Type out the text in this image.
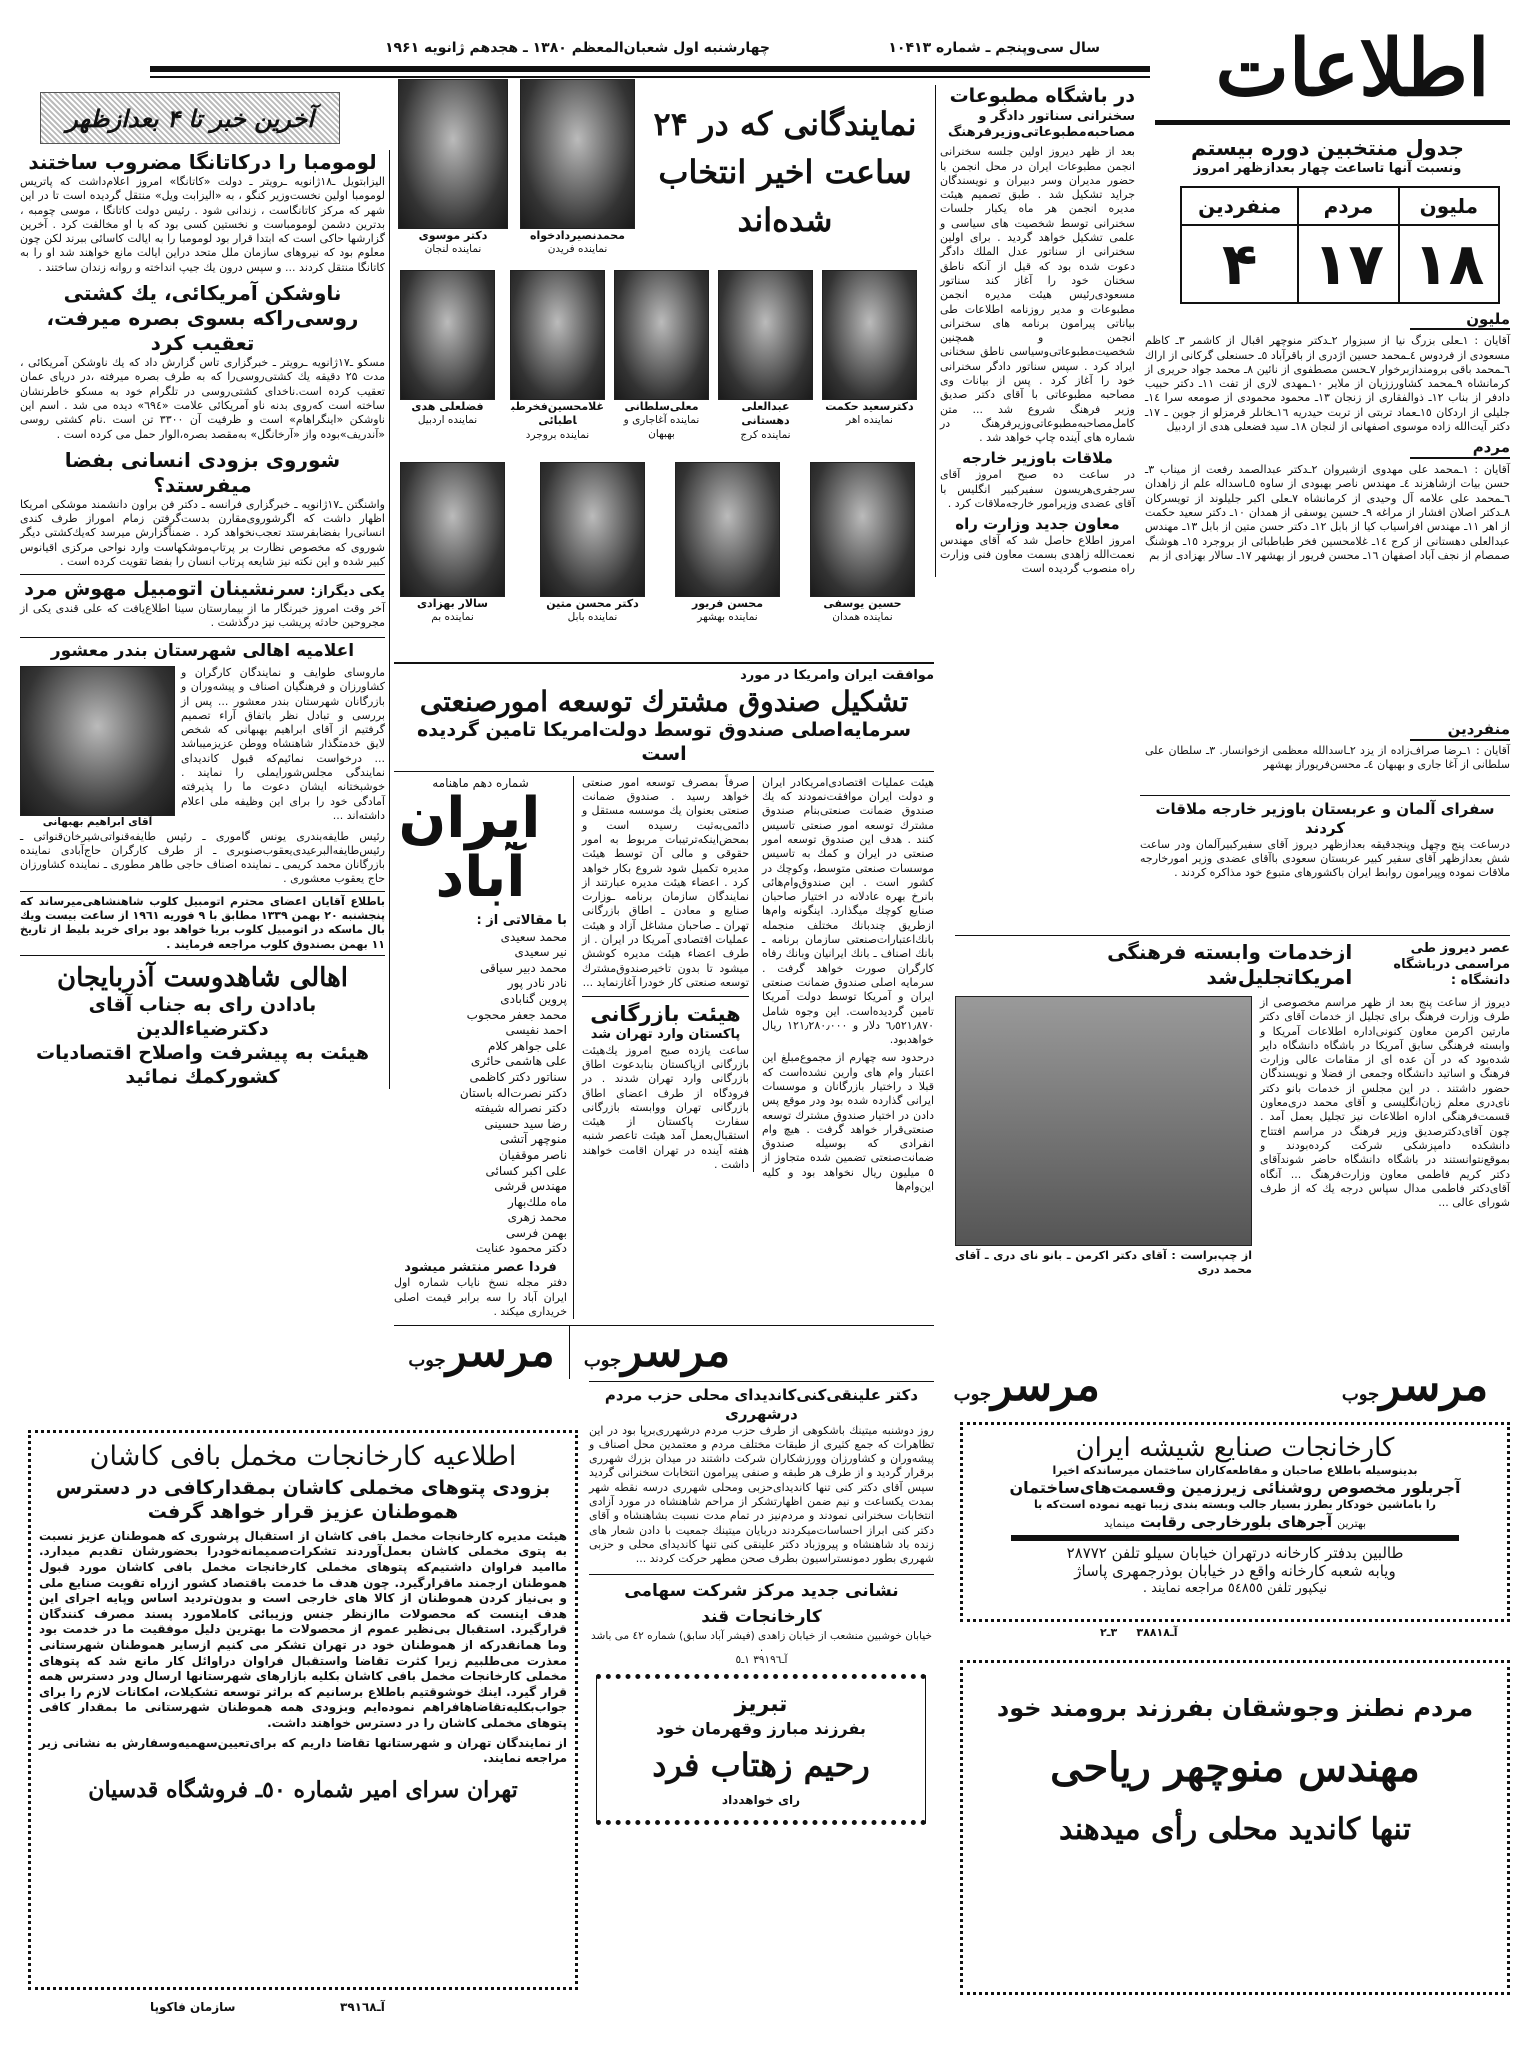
اطلاعات
سال سی‌وپنجم ـ شماره ۱۰۴۱۳
چهارشنبه اول شعبان‌المعظم ۱۳۸۰ ـ هجدهم ژانویه ۱۹۶۱
آخرین خبر تا ۴ بعدازظهر
جدول منتخبین دوره بیستم
ونسبت آنها تاساعت چهار بعدازظهر امروز
ملیون	مردم	منفردین
۱۸	۱۷	۴
ملیون
آقایان : ۱ـعلی بزرگ نیا از سبزوار ۲ـدکتر منوچهر اقبال از کاشمر ۳ـ کاظم مسعودی از فردوس ٤ـمحمد حسین اژدری از باقرآباد ٥ـ حسنعلی گرکانی از اراك ٦ـمحمد باقی برومندازبرخوار ۷ـحسن مصطفوی از نائین ۸ـ محمد جواد حریری از کرمانشاه ۹ـمحمد کشاورززیان از ملایر ۱۰ـمهدی لاری از تفت ۱۱ـ دکتر حبیب دادفر از بناب ۱۲ـ ذوالفقاری از زنجان ۱۳ـ محمود محمودی از صومعه سرا ۱٤ـ جلیلی از اردکان ۱٥ـعماد تربتی از تربت حیدریه ۱٦ـخانلر قرمزلو از جوین ـ ۱۷ـ دکتر آیت‌الله زاده موسوی اصفهانی از لنجان ۱۸ـ سید فضعلی هدی از اردبیل
مردم
آقایان : ۱ـمحمد علی مهدوی ازشیروان ۲ـدکتر عبدالصمد رفعت از میناب ۳ـ حسن بیات ازشاهزند ٤ـ مهندس ناصر بهبودی از ساوه ٥ـاسداله علم از زاهدان ٦ـمحمد علی علامه آل وحیدی از کرمانشاه ۷ـعلی اکبر جلیلوند از تویسرکان ۸ـدکتر اصلان افشار از مراغه ۹ـ حسین یوسفی از همدان ۱۰ـ دکتر سعید حکمت از اهر ۱۱ـ مهندس افراسیاب کیا از بابل ۱۲ـ دکتر حسن متین از بابل ۱۳ـ مهندس عبدالعلی دهستانی از کرج ۱٤ـ غلامحسین فخر طباطبائی از بروجرد ۱٥ـ هوشنگ صمصام از نجف آباد اصفهان ۱٦ـ محسن فریور از بهشهر ۱۷ـ سالار بهزادی از بم
در باشگاه مطبوعات
سخنرانی سناتور دادگر و مصاحبه‌مطبوعاتی‌وزیرفرهنگ
بعد از ظهر دیروز اولین جلسه سخنرانی انجمن مطبوعات ایران در محل انجمن با حضور مدیران وسر دبیران و نویسندگان جراید تشکیل شد . طبق تصمیم هیئت مدیره انجمن هر ماه یکبار جلسات سخنرانی توسط شخصیت های سیاسی و علمی تشکیل خواهد گردید . برای اولین سخنرانی از سناتور عدل الملك دادگر دعوت شده بود که قبل از آنکه ناطق سخنان خود را آغاز کند سناتور مسعودی‌رئیس هیئت مدیره انجمن مطبوعات و مدیر روزنامه اطلاعات طی بیاناتی پیرامون برنامه های سخنرانی انجمن و همچنین شخصیت‌مطبوعاتی‌وسیاسی ناطق سخنانی ایراد کرد . سپس سناتور دادگر سخنرانی خود را آغاز کرد . پس از بیانات وی مصاحبه مطبوعاتی با آقای دکتر صدیق وزیر فرهنگ شروع شد ... متن کامل‌مصاحبه‌مطبوعاتی‌وزیرفرهنگ در شماره های آینده چاپ خواهد شد .
ملاقات باوزیر خارجه
در ساعت ده صبح امروز آقای سرجفری‌هریسون سفیرکبیر انگلیس با آقای عضدی وزیرامور خارجه‌ملاقات کرد .
معاون جدید وزارت راه
امروز اطلاع حاصل شد که آقای مهندس نعمت‌الله زاهدی بسمت معاون فنی وزارت راه منصوب گردیده است
منفردین
آقایان : ۱ـرضا صراف‌زاده از یزد ۲ـاسدالله معظمی ازخوانسار. ۳ـ سلطان علی سلطانی از آغا جاری و بهبهان ٤ـ محسن‌فریوراز بهشهر
سفرای آلمان و عربستان باوزیر خارجه ملاقات کردند
درساعت پنج وچهل وپنجدقیقه بعدازظهر دیروز آقای سفیرکبیرآلمان ودر ساعت شش بعدازظهر آقای سفیر کبیر عربستان سعودی باآقای عضدی وزیر امورخارجه ملاقات نموده وپیرامون روابط ایران باکشورهای متبوع خود مذاکره کردند .
نمایندگانی که در ۲۴ ساعت اخیر انتخاب شده‌اند
محمدنصیردادخواه
نماینده فریدن
دکتر موسوی
نماینده لنجان
دکترسعید حکمت
نماینده اهر
عبدالعلی دهستانی
نماینده کرج
معلی‌سلطانی
نماینده آغاجاری و بهبهان
غلامحسین‌فخرطباطبائی
نماینده بروجرد
فضلعلی هدی
نماینده اردبیل
حسین یوسفی
نماینده همدان
محسن فریور
نماینده بهشهر
دکتر محسن متین
نماینده بابل
سالار بهزادی
نماینده بم
لومومبا را درکاتانگا مضروب ساختند
الیزابتویل ـ۱۸ژانویه ـرویتر ـ دولت «کاتانگا» امروز اعلام‌داشت که پاتریس لومومبا اولین نخست‌وزیر کنگو ، به «الیزابت ویل» منتقل گردیده است تا در این شهر که مرکز کاتانگاست ، زندانی شود . رئیس دولت کاتانگا ، موسی چومبه ، بدترین دشمن لومومباست و نخستین کسی بود که با او مخالفت کرد . آخرین گزارشها حاکی است که ابتدا قرار بود لومومبا را به ایالت کاسائی ببرند لکن چون معلوم بود که نیروهای سازمان ملل متحد دراین ایالت مانع خواهند شد او را به کاتانگا منتقل کردند ... و سپس درون یك جیپ انداخته و روانه زندان ساختند .
ناوشکن آمریکائی، یك کشتی روسی‌راکه بسوی بصره میرفت، تعقیب کرد
مسکو ـ۱۷ژانویه ـرویتر ـ خبرگزاری تاس گزارش داد که یك ناوشکن آمریکائی ، مدت ۲۵ دقیقه یك کشتی‌روسی‌را که به طرف بصره میرفته ،در دریای عمان تعقیب کرده است.ناخدای کشتی‌روسی در تلگرام خود به مسکو خاطرنشان ساخته است که‌روی بدنه ناو آمریکائی علامت «٦۹٤» دیده می شد . اسم این ناوشکن «اینگراهام» است و ظرفیت آن ۳۳۰۰ تن است .نام کشتی روسی «آندریف»بوده واز «آرخانگل» به‌مقصد بصره،الوار حمل می کرده است .
شوروی بزودی انسانی بفضا میفرستد؟
واشنگتن ـ۱۷ژانویه ـ خبرگزاری فرانسه ـ دکتر فن براون دانشمند موشکی امریکا اظهار داشت که اگرشوروی‌مقارن بدست‌گرفتن زمام اموراز طرف کندی انسانی‌را بفضابفرستد تعجب‌نخواهد کرد . ضمناًگزارش میرسد که‌یك‌کشتی دیگر شوروی که مخصوص نظارت بر پرتاپ‌موشکهاست وارد نواحی مرکزی اقیانوس کبیر شده و این نکته نیز شایعه پرتاب انسان را بفضا تقویت کرده است .
یکی دیگراز: سرنشینان اتومبیل مهوش مرد
آخر وقت امروز خبرنگار ما از بیمارستان سینا اطلاع‌یافت که علی قندی یکی از مجروحین حادثه پریشب نیز درگذشت .
اعلامیه اهالی شهرستان بندر معشور
ماروسای طوایف و نمایندگان کارگران و کشاورزان و فرهنگیان اصناف و پیشه‌وران و بازرگانان شهرستان بندر معشور ... پس از بررسی و تبادل نظر باتفاق آراء تصمیم گرفتیم از آقای ابراهیم بهبهانی که شخص لایق خدمتگذار شاهنشاه ووطن عزیزمیباشد ... درخواست نمائیم‌که قبول کاندیدای نمایندگی مجلس‌شورایملی را نمایند . خوشبختانه ایشان دعوت ما را پذیرفته آمادگی خود را برای این وظیفه ملی اعلام داشته‌اند ...
آقای ابراهیم بهبهانی
رئیس طایفه‌بندری یونس گاموری ـ رئیس طایفه‌قنواتی‌شیرخان‌قنواتی ـ رئیس‌طایفه‌البرعیدی‌یعقوب‌صنوبری ـ از طرف کارگران حاج‌آبادی نماینده بازرگانان محمد کریمی ـ نماینده اصناف حاجی طاهر مطوری ـ نماینده کشاورزان حاج یعقوب معشوری .
باطلاع آقایان اعضای محترم اتومبیل کلوب شاهنشاهی‌میرساند که پنجشنبه ۲۰ بهمن ۱۳۳۹ مطابق با ۹ فوریه ۱۹٦۱ از ساعت بیست ویك بال ماسکه در اتومبیل کلوب بریا خواهد بود برای خرید بلیط از تاریخ ۱۱ بهمن بصندوق کلوب مراجعه فرمایند .
اهالی شاهدوست آذربایجان
بادادن رای به جناب آقای دکترضیاءالدین
هیئت به پیشرفت واصلاح اقتصادیات
کشورکمك نمائید
موافقت ایران وامریکا در مورد
تشکیل صندوق مشترك توسعه امورصنعتی
سرمایه‌اصلی صندوق توسط دولت‌امریکا تامین گردیده است
هیئت عملیات اقتصادی‌امریکادر ایران و دولت ایران موافقت‌نمودند که یك صندوق ضمانت صنعتی‌بنام صندوق مشترك توسعه امور صنعتی تاسیس کنند . هدف این صندوق توسعه امور صنعتی در ایران و کمك به تاسیس موسسات صنعتی متوسط، وکوچك در کشور است . این صندوق‌وام‌هائی بانرخ بهره عادلانه در اختیار صاحبان صنایع کوچك میگذارد. اینگونه وام‌ها ازطریق چندبانك مختلف منجمله بانك‌اعتبارات‌صنعتی سازمان برنامه ـ بانك اصناف ـ بانك ایرانیان وبانك رفاه کارگران صورت خواهد گرفت . سرمایه اصلی صندوق ضمانت صنعتی ایران و آمریکا توسط دولت آمریکا تامین گردیده‌است. این وجوه شامل ٦٫٥۲۱٫۸۷۰ دلار و ۱۲۱٫۲۸۰٫۰۰۰ ریال خواهدبود.
درحدود سه چهارم از مجموع‌مبلغ این اعتبار وام های وارین نشده‌است که قبلا د راختیار بازرگانان و موسسات ایرانی گذارده شده بود ودر موقع پس دادن در اختیار صندوق مشترك توسعه صنعتی‌قرار خواهد گرفت . هیچ وام انفرادی که بوسیله صندوق ضمانت‌صنعتی تضمین شده متجاوز از ٥ میلیون ریال نخواهد بود و کلیه این‌وام‌ها
صرفاً بمصرف توسعه امور صنعتی خواهد رسید . صندوق ضمانت صنعتی بعنوان یك موسسه مستقل و دائمی‌به‌ثبت رسیده است و بمحض‌اینکه‌ترتیبات مربوط به امور حقوقی و مالی آن توسط هیئت مدیره تکمیل شود شروع بکار خواهد کرد . اعضاء هیئت مدیره عبارتند از نمایندگان سازمان برنامه ـوزارت صنایع و معادن ـ اطاق بازرگانی تهران ـ صاحبان مشاغل آزاد و هیئت عملیات اقتصادی آمریکا در ایران . از طرف اعضاء هیئت مدیره کوشش میشود تا بدون تاخیرصندوق‌مشترك توسعه صنعتی کار خودرا آغازنماید ...
هیئت بازرگانی
پاکستان وارد تهران شد
ساعت یازده صبح امروز یك‌هیئت بازرگانی ازپاکستان بنابدعوت اطاق بازرگانی وارد تهران شدند . در فرودگاه از طرف اعضای اطاق بازرگانی تهران ووابسته بازرگانی سفارت پاکستان از هیئت استقبال‌بعمل آمد هیئت تاعصر شنبه هفته آینده در تهران اقامت خواهند داشت .
شماره دهم ماهنامه
ایران آباد
با مقالاتی از :
محمد سعیدی
نیر سعیدی
محمد دبیر سیاقی
نادر نادر پور
پروین گنابادی
محمد جعفر محجوب
احمد نفیسی
علی جواهر کلام
علی هاشمی حائری
سناتور دکتر کاظمی
دکتر نصرت‌اله باستان
دکتر نصراله شیفته
رضا سید حسینی
منوچهر آتشی
ناصر موقفیان
علی اکبر کسائی
مهندس قرشی
ماه ملك‌بهار
محمد زهری
بهمن فرسی
دکتر محمود عنایت
فردا عصر منتشر میشود
دفتر مجله نسخ نایاب شماره اول ایران آباد را سه برابر قیمت اصلی خریداری میکند .
مرسرجوب
مرسرجوب
دکتر علینقی‌کنی‌کاندیدای محلی حزب مردم درشهرری
روز دوشنبه میتینك باشکوهی از طرف حزب مردم درشهرری‌برپا بود در این تظاهرات که جمع کثیری از طبقات مختلف مردم و معتمدین محل اصناف و پیشه‌وران و کشاورزان وورزشکاران شرکت داشتند در میدان بزرك شهرری برقرار گردید و از طرف هر طبقه و صنفی پیرامون انتخابات سخنرانی گردید سپس آقای دکتر کنی تنها کاندیدای‌حزبی ومحلی شهرری درسه نقطه شهر بمدت یکساعت و نیم ضمن اظهارتشکر از مراحم شاهنشاه در مورد آزادی انتخابات سخنرانی نمودند و مردم‌نیز در تمام مدت نسبت بشاهنشاه و آقای دکتر کنی ابراز احساسات‌میکردند دربایان میتینك جمعیت با دادن شعار های زنده باد شاهنشاه و پیروزباد دکتر علینقی کنی تنها کاندیدای محلی و حزبی شهرری بطور دمونستراسیون بطرف صحن مطهر حرکت کردند ...
نشانی جدید مرکز شرکت سهامی کارخانجات قند
خیابان خوشبین منشعب از خیابان زاهدی (فیشر آباد سابق) شماره ٤۲ می باشد .
آـ۳۹۱۹٦ ۱ـ٥
تبریز
بفرزند مبارز وقهرمان خود
رحیم زهتاب فرد
رای خواهدداد
عصر دیروز طی مراسمی درباشگاه دانشگاه :
ازخدمات وابسته فرهنگی امریکاتجلیل‌شد
دیروز از ساعت پنج بعد از ظهر مراسم مخصوصی از طرف وزارت فرهنگ برای تجلیل از خدمات آقای دکتر مارتین اکرمن معاون کنونی‌اداره اطلاعات آمریکا و وابسته فرهنگی سابق آمریکا در باشگاه دانشگاه دایر شده‌بود که در آن عده ای از مقامات عالی وزارت فرهنگ و اساتید دانشگاه وجمعی از فضلا و نویسندگان حضور داشتند . در این مجلس از خدمات بانو دکتر نای‌دری معلم زبان‌انگلیسی و آقای محمد دری‌معاون قسمت‌فرهنگی اداره اطلاعات نیز تجلیل بعمل آمد . چون آقای‌دکترصدیق وزیر فرهنگ در مراسم افتتاح دانشکده دامپزشکی شرکت کرده‌بودند و بموقع‌نتوانستند در باشگاه دانشگاه حاضر شوندآقای دکتر کریم فاطمی معاون وزارت‌فرهنگ ... آنگاه آقای‌دکتر فاطمی مدال سپاس درجه یك که از طرف شورای عالی ...
از چپ‌براست : آقای دکتر اکرمن ـ بانو نای دری ـ آقای محمد دری
مرسرجوب	مرسرجوب
کارخانجات صنایع شیشه ایران
بدینوسیله باطلاع صاحبان و مقاطعه‌کاران ساختمان میرساندکه اخیرا
آجربلور مخصوص روشنائی زیرزمین وقسمت‌های‌ساختمان
را باماشین خودکار بطرز بسیار جالب وبسته بندی زیبا تهیه نموده است‌که با
بهترین آجرهای بلورخارجی رقابت مینماید
طالبین بدفتر کارخانه درتهران خیابان سیلو تلفن ۲۸۷۷۲
ویابه شعبه کارخانه واقع در خیابان بوذرجمهری پاساژ
نیکپور تلفن ٥٤۸٥٥ مراجعه نمایند .
آـ۳۸۸۱۸     ۳ـ۲
مردم نطنز وجوشقان بفرزند برومند خود
مهندس منوچهر ریاحی
تنها کاندید محلی رأی میدهند
اطلاعیه کارخانجات مخمل بافی کاشان
بزودی پتوهای مخملی کاشان بمقدارکافی در دسترس
هموطنان عزیز قرار خواهد گرفت
هیئت مدیره کارخانجات مخمل بافی کاشان از استقبال پرشوری که هموطنان عزیز نسبت به پتوی مخملی کاشان بعمل‌آوردند تشکرات‌صمیمانه‌خودرا بحضورشان تقدیم میدارد. ماامید فراوان داشتیم‌که پتوهای مخملی کارخانجات مخمل بافی کاشان مورد قبول هموطنان ارجمند ماقرارگیرد. چون هدف ما خدمت باقتصاد کشور ازراه تقویت صنایع ملی و بی‌نیاز کردن هموطنان از کالا های خارجی است و بدون‌تردید اساس وپایه اجرای این هدف اینست که محصولات ماازنظر جنس وزیبائی کاملامورد پسند مصرف کنندگان قرارگیرد. استقبال بی‌نظیر عموم از محصولات ما بهترین دلیل موفقیت ما در خدمت بود وما همانقدرکه از هموطنان خود در تهران تشکر می کنیم ازسایر هموطنان شهرستانی معذرت می‌طلبیم زیرا کثرت تقاضا واستقبال فراوان دراوائل کار مانع شد که پتوهای مخملی کارخانجات مخمل بافی کاشان بکلیه بازارهای شهرستانها ارسال ودر دسترس همه قرار گیرد. اینك خوشوقتیم باطلاع برسانیم که براثر توسعه تشکیلات، امکانات لازم را برای جواب‌بکلیه‌تقاضاهافراهم نموده‌ایم وبزودی همه هموطنان شهرستانی ما بمقدار کافی پتوهای مخملی کاشان را در دسترس خواهند داشت.
از نمایندگان تهران و شهرستانها تقاضا داریم که برای‌تعیین‌سهمیه‌وسفارش به نشانی زیر مراجعه نمایند.
تهران سرای امیر شماره ٥۰ـ فروشگاه قدسیان
سازمان فاکوپا	آـ۳۹۱٦۸
